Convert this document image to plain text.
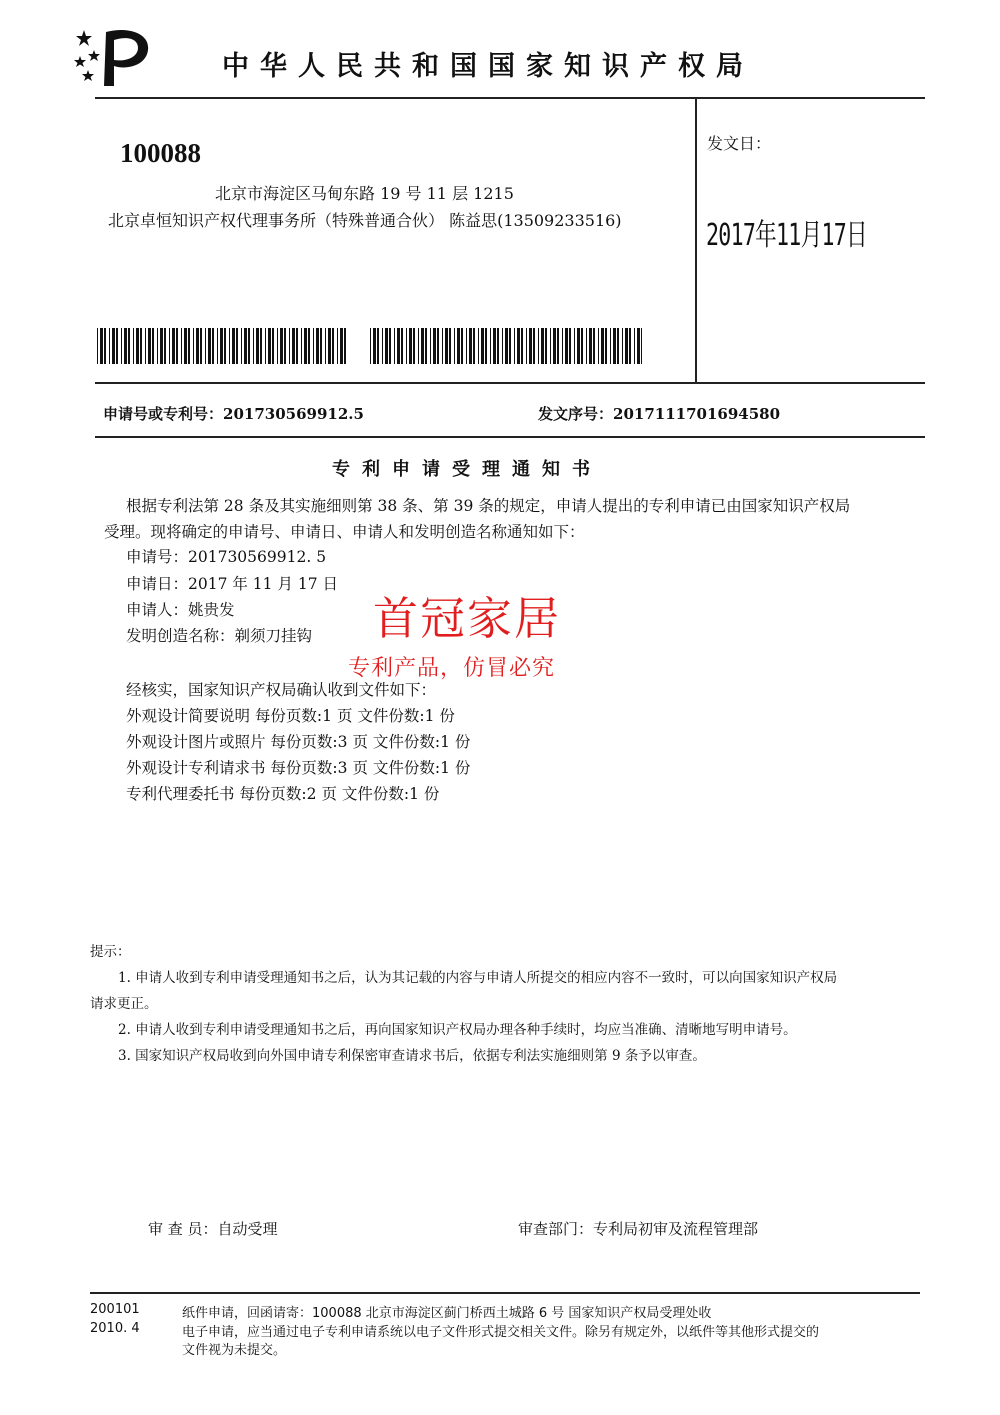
中华人民共和国国家知识产权局
100088
北京市海淀区马甸东路 19 号 11 层 1215
北京卓恒知识产权代理事务所（特殊普通合伙） 陈益思(13509233516)
发文日：
2017年11月17日
申请号或专利号：201730569912.5	发文序号：2017111701694580
专利申请受理通知书
根据专利法第 28 条及其实施细则第 38 条、第 39 条的规定，申请人提出的专利申请已由国家知识产权局
受理。现将确定的申请号、申请日、申请人和发明创造名称通知如下：
申请号：201730569912. 5
申请日：2017 年 11 月 17 日
申请人：姚贵发
发明创造名称：剃须刀挂钩 首冠家居
专利产品，仿冒必究
经核实，国家知识产权局确认收到文件如下：
外观设计简要说明 每份页数:1 页 文件份数:1 份
外观设计图片或照片 每份页数:3 页 文件份数:1 份
外观设计专利请求书 每份页数:3 页 文件份数:1 份
专利代理委托书 每份页数:2 页 文件份数:1 份
提示：
1. 申请人收到专利申请受理通知书之后，认为其记载的内容与申请人所提交的相应内容不一致时，可以向国家知识产权局
请求更正。
2. 申请人收到专利申请受理通知书之后，再向国家知识产权局办理各种手续时，均应当准确、清晰地写明申请号。
3. 国家知识产权局收到向外国申请专利保密审查请求书后，依据专利法实施细则第 9 条予以审查。
审 查 员：自动受理	审查部门：专利局初审及流程管理部
200101
2010. 4
纸件申请，回函请寄：100088 北京市海淀区蓟门桥西土城路 6 号 国家知识产权局受理处收
电子申请，应当通过电子专利申请系统以电子文件形式提交相关文件。除另有规定外，以纸件等其他形式提交的
文件视为未提交。
